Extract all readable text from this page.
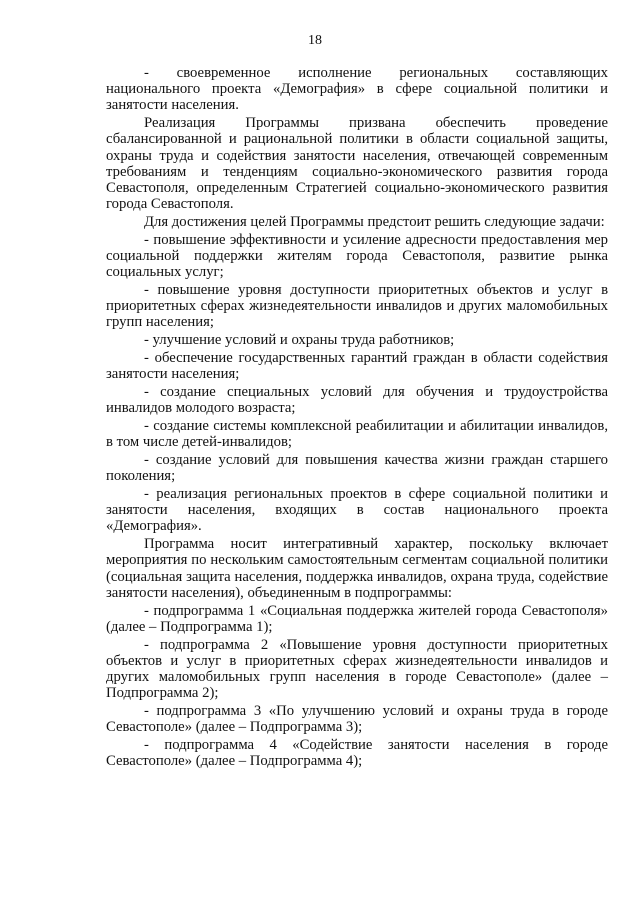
18

- своевременное исполнение региональных составляющих национального проекта «Демография» в сфере социальной политики и занятости населения.

Реализация Программы призвана обеспечить проведение сбалансированной и рациональной политики в области социальной защиты, охраны труда и содействия занятости населения, отвечающей современным требованиям и тенденциям социально-экономического развития города Севастополя, определенным Стратегией социально-экономического развития города Севастополя.

Для достижения целей Программы предстоит решить следующие задачи:

- повышение эффективности и усиление адресности предоставления мер социальной поддержки жителям города Севастополя, развитие рынка социальных услуг;

- повышение уровня доступности приоритетных объектов и услуг в приоритетных сферах жизнедеятельности инвалидов и других маломобильных групп населения;

- улучшение условий и охраны труда работников;

- обеспечение государственных гарантий граждан в области содействия занятости населения;

- создание специальных условий для обучения и трудоустройства инвалидов молодого возраста;

- создание системы комплексной реабилитации и абилитации инвалидов, в том числе детей-инвалидов;

- создание условий для повышения качества жизни граждан старшего поколения;

- реализация региональных проектов в сфере социальной политики и занятости населения, входящих в состав национального проекта «Демография».

Программа носит интегративный характер, поскольку включает мероприятия по нескольким самостоятельным сегментам социальной политики (социальная защита населения, поддержка инвалидов, охрана труда, содействие занятости населения), объединенным в подпрограммы:

- подпрограмма 1 «Социальная поддержка жителей города Севастополя» (далее – Подпрограмма 1);

- подпрограмма 2 «Повышение уровня доступности приоритетных объектов и услуг в приоритетных сферах жизнедеятельности инвалидов и других маломобильных групп населения в городе Севастополе» (далее – Подпрограмма 2);

- подпрограмма 3 «По улучшению условий и охраны труда в городе Севастополе» (далее – Подпрограмма 3);

- подпрограмма 4 «Содействие занятости населения в городе Севастополе» (далее – Подпрограмма 4);
